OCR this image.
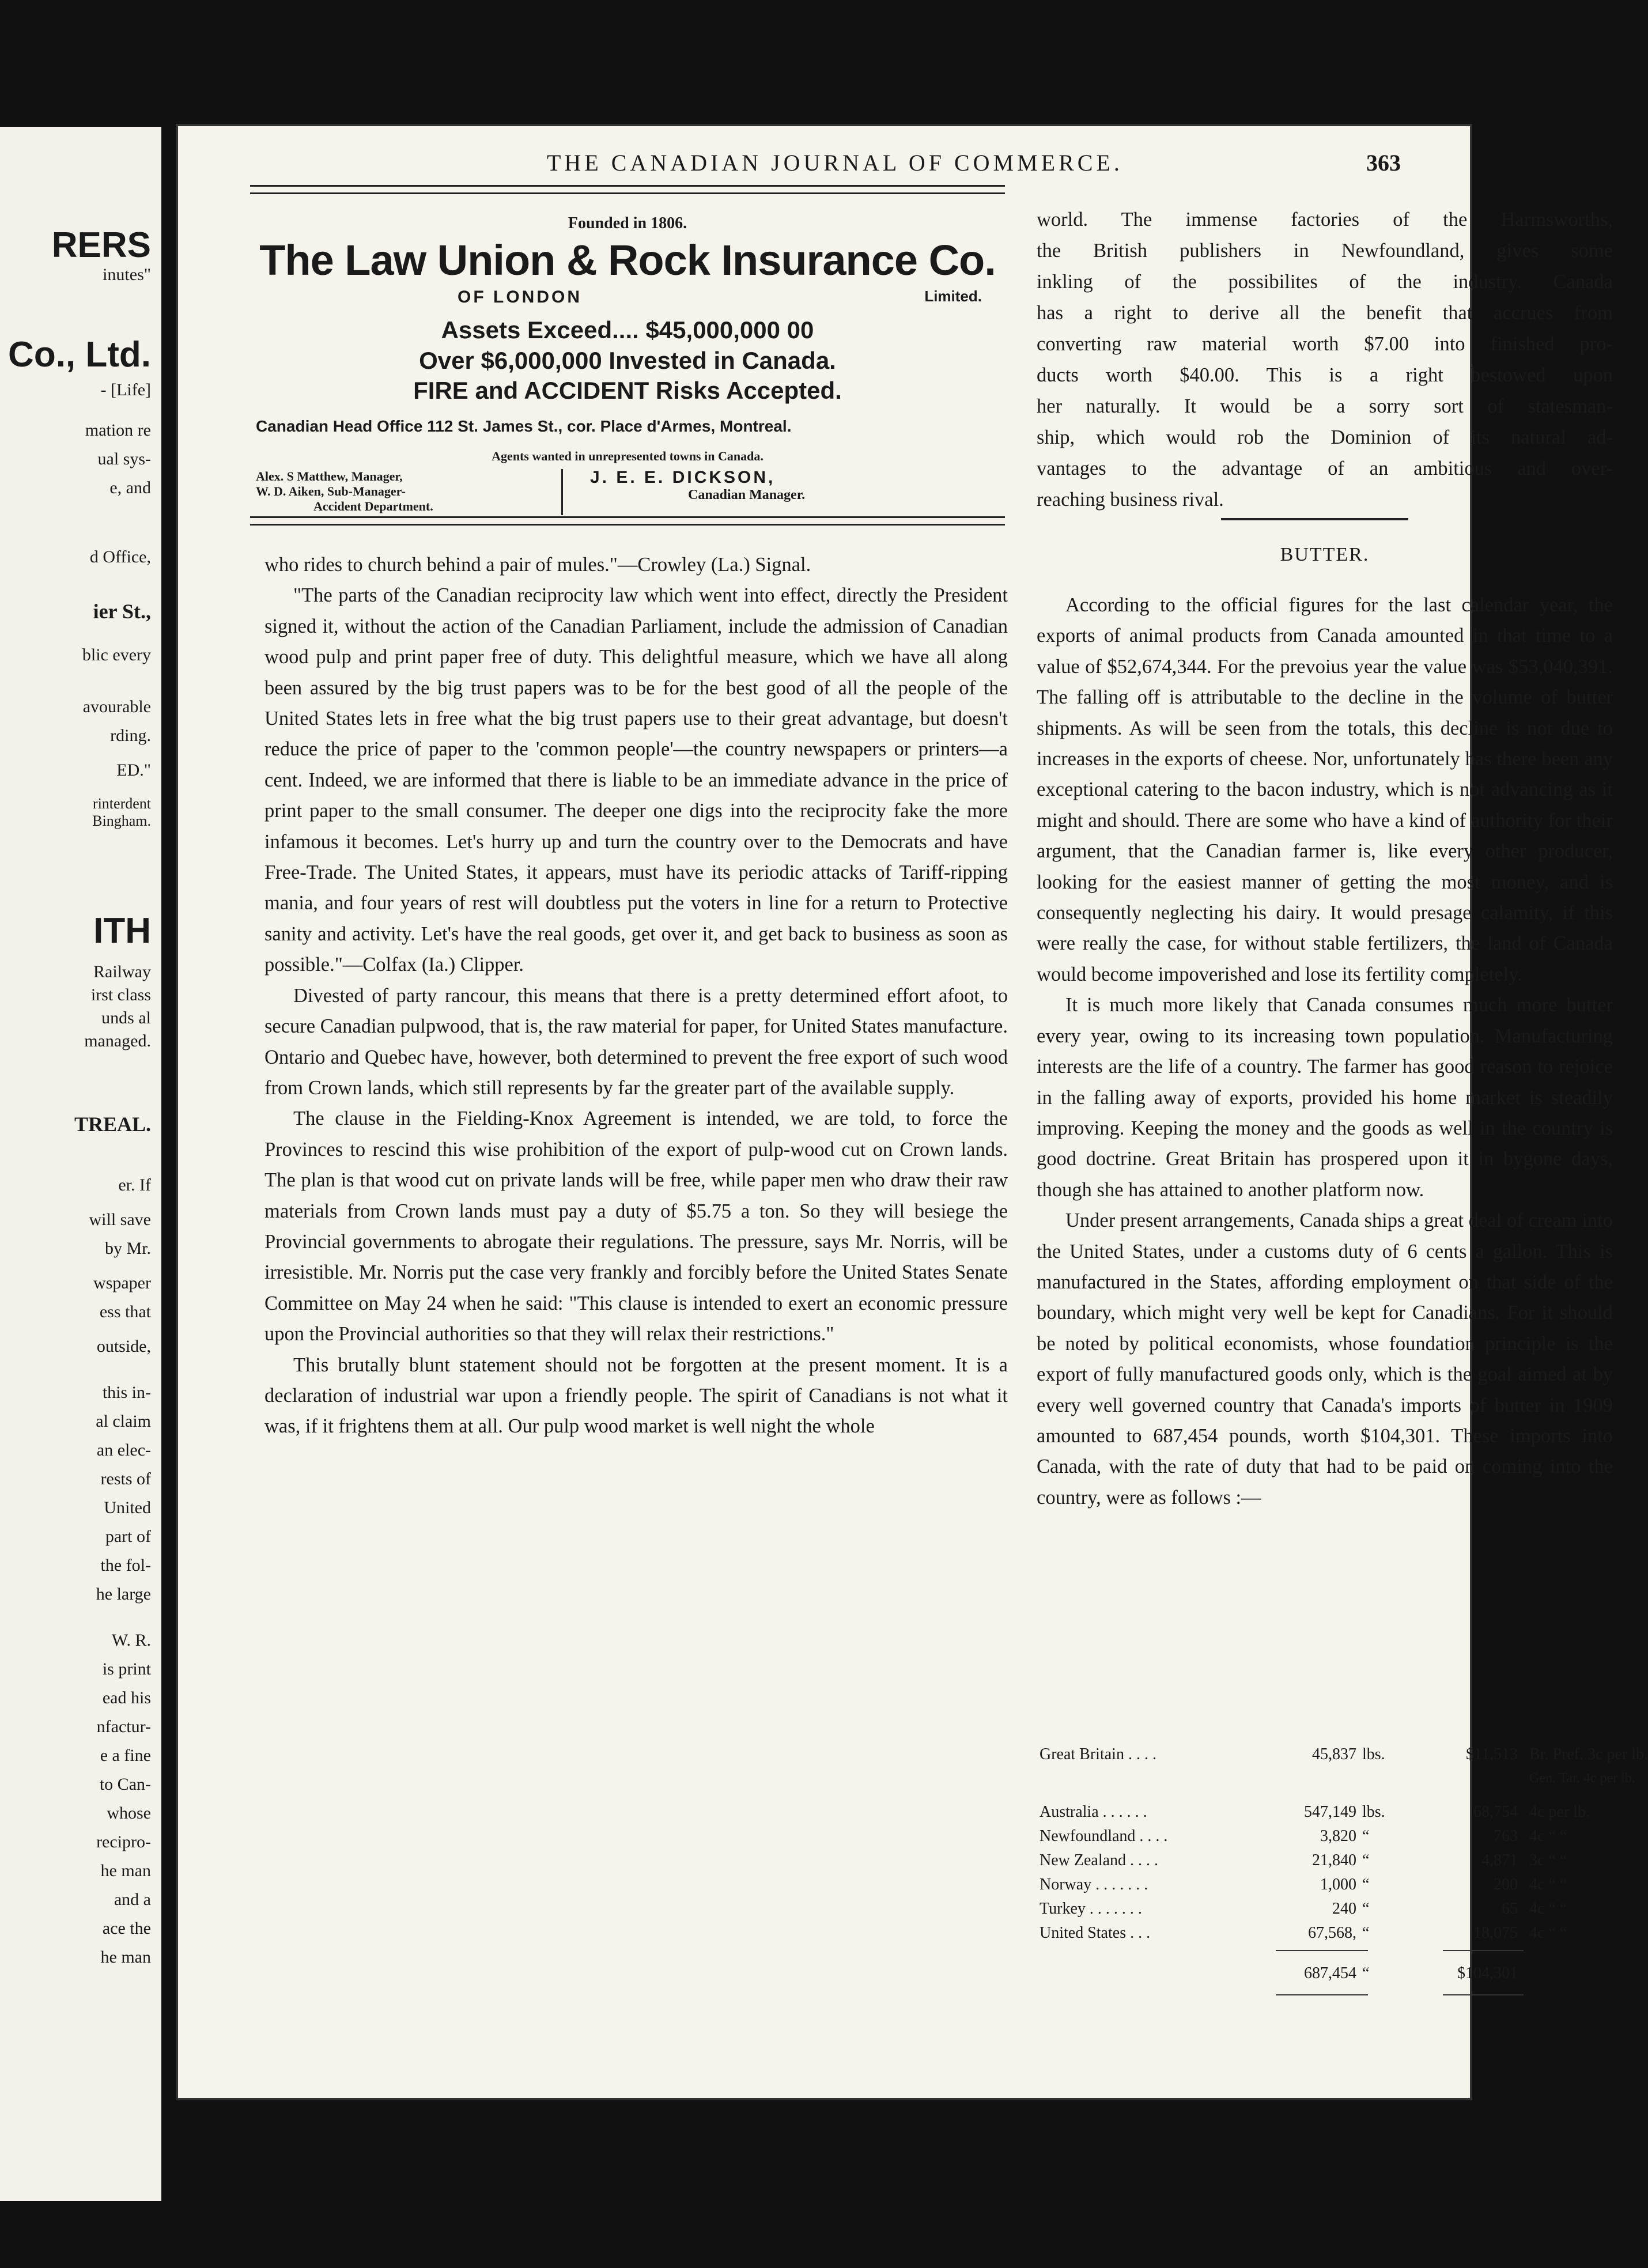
RERS
inutes"
Co., Ltd.
- [Life]
mation re
ual sys-
e, and
d Office,
ier St.,
blic every
avourable
rding.
ED."
rinterdent
Bingham.
ITH
Railway
irst class
unds al
managed.
TREAL.
er. If
will save
by Mr.
wspaper
ess that
outside,
this in-
al claim
an elec-
rests of
United
part of
the fol-
he large
W. R.
is print
ead his
nfactur-
e a fine
to Can-
whose
recipro-
he man
and a
ace the
he man
THE CANADIAN JOURNAL OF COMMERCE.	363
Founded in 1806.
The Law Union & Rock Insurance Co.
OF LONDON	Limited.
Assets Exceed.... $45,000,000 00
Over $6,000,000 Invested in Canada.
FIRE and ACCIDENT Risks Accepted.
Canadian Head Office 112 St. James St., cor. Place d'Armes, Montreal.
Agents wanted in unrepresented towns in Canada.
Alex. S Matthew, Manager,
W. D. Aiken, Sub-Manager-
Accident Department.
J. E. E. DICKSON,
Canadian Manager.

who rides to church behind a pair of mules."—Crowley (La.) Signal.

"The parts of the Canadian reciprocity law which went into effect, directly the President signed it, without the action of the Canadian Parliament, include the admission of Canadian wood pulp and print paper free of duty. This delightful measure, which we have all along been assured by the big trust papers was to be for the best good of all the people of the United States lets in free what the big trust papers use to their great advantage, but doesn't reduce the price of paper to the 'common people'—the country newspapers or printers—a cent. Indeed, we are informed that there is liable to be an immediate advance in the price of print paper to the small consumer. The deeper one digs into the reciprocity fake the more infamous it becomes. Let's hurry up and turn the country over to the Democrats and have Free-Trade. The United States, it appears, must have its periodic attacks of Tariff-ripping mania, and four years of rest will doubtless put the voters in line for a return to Protective sanity and activity. Let's have the real goods, get over it, and get back to business as soon as possible."—Colfax (Ia.) Clipper.

Divested of party rancour, this means that there is a pretty determined effort afoot, to secure Canadian pulpwood, that is, the raw material for paper, for United States manufacture. Ontario and Quebec have, however, both determined to prevent the free export of such wood from Crown lands, which still represents by far the greater part of the available supply.

The clause in the Fielding-Knox Agreement is intended, we are told, to force the Provinces to rescind this wise prohibition of the export of pulp-wood cut on Crown lands. The plan is that wood cut on private lands will be free, while paper men who draw their raw materials from Crown lands must pay a duty of $5.75 a ton. So they will besiege the Provincial governments to abrogate their regulations. The pressure, says Mr. Norris, will be irresistible. Mr. Norris put the case very frankly and forcibly before the United States Senate Committee on May 24 when he said: "This clause is intended to exert an economic pressure upon the Provincial authorities so that they will relax their restrictions."

This brutally blunt statement should not be forgotten at the present moment. It is a declaration of industrial war upon a friendly people. The spirit of Canadians is not what it was, if it frightens them at all. Our pulp wood market is well night the whole

world. The immense factories of the Harmsworths,

the British publishers in Newfoundland, gives some

inkling of the possibilites of the industry. Canada

has a right to derive all the benefit that accrues from

converting raw material worth $7.00 into finished pro-

ducts worth $40.00. This is a right bestowed upon

her naturally. It would be a sorry sort of statesman-

ship, which would rob the Dominion of its natural ad-

vantages to the advantage of an ambitious and over-

reaching business rival.

BUTTER.

According to the official figures for the last calendar year, the exports of animal products from Canada amounted in that time to a value of $52,674,344. For the prevoius year the value was $53,040,391. The falling off is attributable to the decline in the volume of butter shipments. As will be seen from the totals, this decline is not due to increases in the exports of cheese. Nor, unfortunately has there been any exceptional catering to the bacon industry, which is not advancing as it might and should. There are some who have a kind of authority for their argument, that the Canadian farmer is, like every other producer, looking for the easiest manner of getting the most money, and is consequently neglecting his dairy. It would presage calamity, if this were really the case, for without stable fertilizers, the land of Canada would become impoverished and lose its fertility completely.

It is much more likely that Canada consumes much more butter every year, owing to its increasing town population. Manufacturing interests are the life of a country. The farmer has good reason to rejoice in the falling away of exports, provided his home market is steadily improving. Keeping the money and the goods as well in the country is good doctrine. Great Britain has prospered upon it in bygone days, though she has attained to another platform now.

Under present arrangements, Canada ships a great deal of cream into the United States, under a customs duty of 6 cents a gallon. This is manufactured in the States, affording employment on that side of the boundary, which might very well be kept for Canadians. For it should be noted by political economists, whose foundation principle is the export of fully manufactured goods only, which is the goal aimed at by every well governed country that Canada's imports of butter in 1909 amounted to 687,454 pounds, worth $104,301. These imports into Canada, with the rate of duty that had to be paid on coming into the country, were as follows :—

Great Britain . . . .	45,837 lbs.	$11,513 Br. Pref. 3c per lb.
Gen. Tar. 4c per lb.
Australia . . . . . .	547,149 lbs.	68,754 4c per lb.
Newfoundland . . . .	3,820 “	763 4c “ “
New Zealand . . . .	21,840 “	4,871 3c “ “
Norway . . . . . . .	1,000 “	200 4c “ “
Turkey . . . . . . .	240 “	65 4c “ “
United States . . .	67,568, “	18,075 4c “ “
687,454 “	$104,301
